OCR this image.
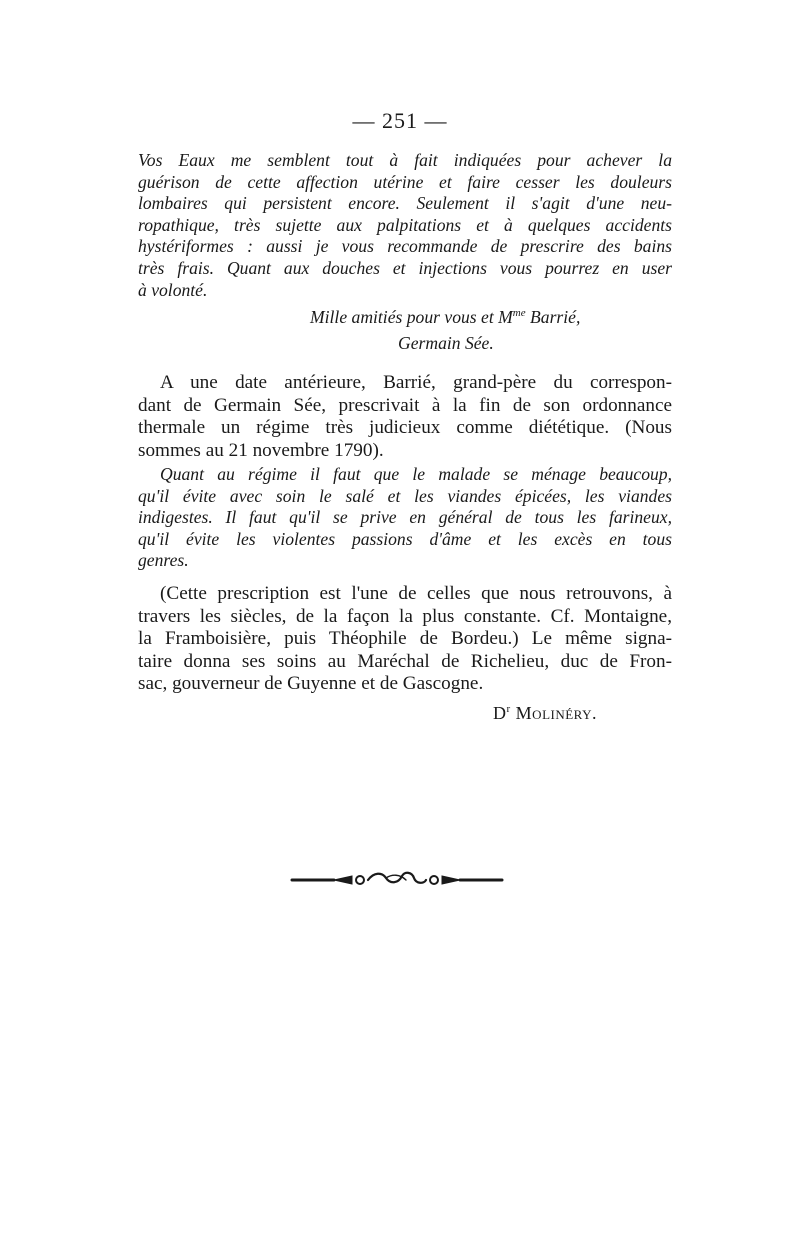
— 251 —
Vos Eaux me semblent tout à fait indiquées pour achever la
guérison de cette affection utérine et faire cesser les douleurs
lombaires qui persistent encore. Seulement il s'agit d'une neu-
ropathique, très sujette aux palpitations et à quelques accidents
hystériformes : aussi je vous recommande de prescrire des bains
très frais. Quant aux douches et injections vous pourrez en user
à volonté.
Mille amitiés pour vous et $M^{me}$ Barrié,
Germain Sée.
A une date antérieure, Barrié, grand-père du correspon-
dant de Germain Sée, prescrivait à la fin de son ordonnance
thermale un régime très judicieux comme diététique. (Nous
sommes au 21 novembre 1790).
Quant au régime il faut que le malade se ménage beaucoup,
qu'il évite avec soin le salé et les viandes épicées, les viandes
indigestes. Il faut qu'il se prive en général de tous les farineux,
qu'il évite les violentes passions d'âme et les excès en tous
genres.
(Cette prescription est l'une de celles que nous retrouvons, à
travers les siècles, de la façon la plus constante. Cf. Montaigne,
la Framboisière, puis Théophile de Bordeu.) Le même signa-
taire donna ses soins au Maréchal de Richelieu, duc de Fron-
sac, gouverneur de Guyenne et de Gascogne.
$D^r$ Molinéry.
